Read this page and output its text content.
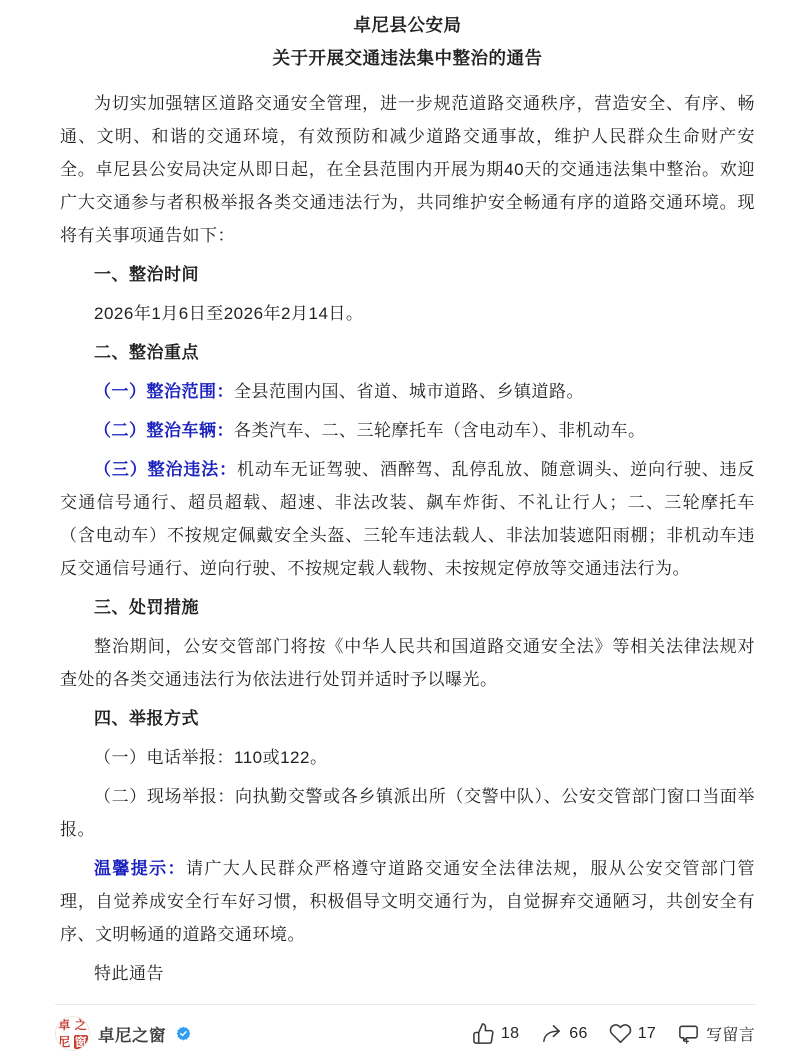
卓尼县公安局
关于开展交通违法集中整治的通告

为切实加强辖区道路交通安全管理，进一步规范道路交通秩序，营造安全、有序、畅通、文明、和谐的交通环境，有效预防和减少道路交通事故，维护人民群众生命财产安全。卓尼县公安局决定从即日起，在全县范围内开展为期40天的交通违法集中整治。欢迎广大交通参与者积极举报各类交通违法行为，共同维护安全畅通有序的道路交通环境。现将有关事项通告如下：

一、整治时间

2026年1月6日至2026年2月14日。

二、整治重点

（一）整治范围：全县范围内国、省道、城市道路、乡镇道路。

（二）整治车辆：各类汽车、二、三轮摩托车（含电动车）、非机动车。

（三）整治违法：机动车无证驾驶、酒醉驾、乱停乱放、随意调头、逆向行驶、违反交通信号通行、超员超载、超速、非法改装、飙车炸街、不礼让行人；二、三轮摩托车（含电动车）不按规定佩戴安全头盔、三轮车违法载人、非法加装遮阳雨棚；非机动车违反交通信号通行、逆向行驶、不按规定载人载物、未按规定停放等交通违法行为。

三、处罚措施

整治期间，公安交管部门将按《中华人民共和国道路交通安全法》等相关法律法规对查处的各类交通违法行为依法进行处罚并适时予以曝光。

四、举报方式

（一）电话举报：110或122。

（二）现场举报：向执勤交警或各乡镇派出所（交警中队）、公安交管部门窗口当面举报。

温馨提示：请广大人民群众严格遵守道路交通安全法律法规，服从公安交管部门管理，自觉养成安全行车好习惯，积极倡导文明交通行为，自觉摒弃交通陋习，共创安全有序、文明畅通的道路交通环境。

特此通告

卓 之
尼 窗 卓尼之窗	18	66	17	写留言
